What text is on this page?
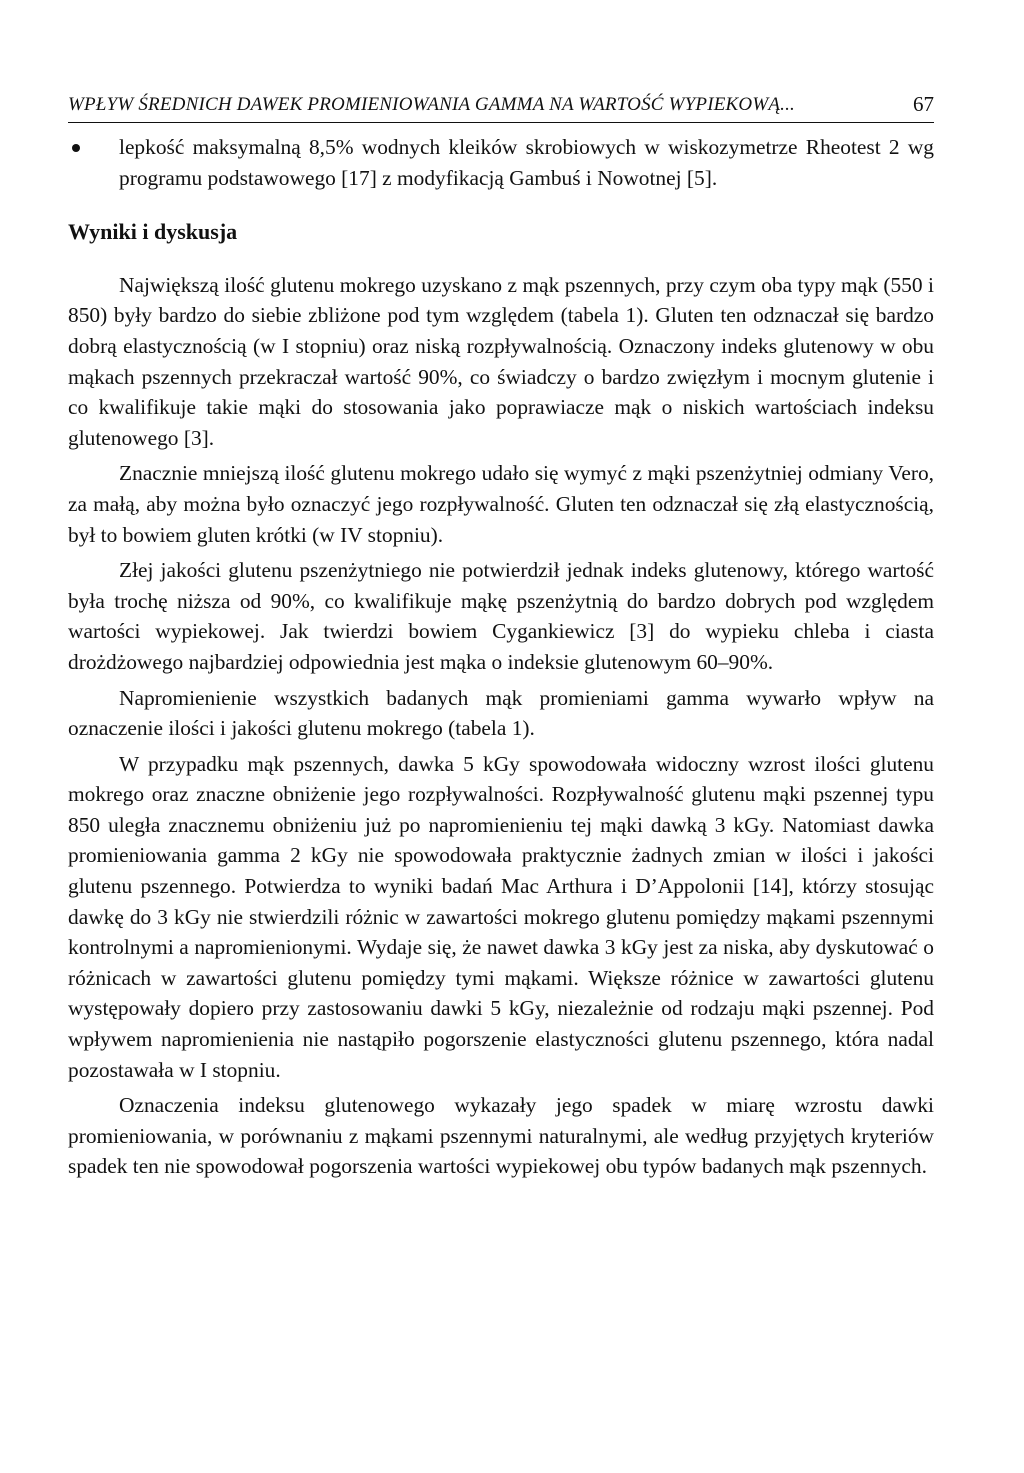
WPŁYW ŚREDNICH DAWEK PROMIENIOWANIA GAMMA NA WARTOŚĆ WYPIEKOWĄ...	67

lepkość maksymalną 8,5% wodnych kleików skrobiowych w wiskozymetrze Rheotest 2 wg programu podstawowego [17] z modyfikacją Gambuś i Nowotnej [5].

Wyniki i dyskusja

Największą ilość glutenu mokrego uzyskano z mąk pszennych, przy czym oba typy mąk (550 i 850) były bardzo do siebie zbliżone pod tym względem (tabela 1). Gluten ten odznaczał się bardzo dobrą elastycznością (w I stopniu) oraz niską rozpływalnością. Oznaczony indeks glutenowy w obu mąkach pszennych przekraczał wartość 90%, co świadczy o bardzo zwięzłym i mocnym glutenie i co kwalifikuje takie mąki do stosowania jako poprawiacze mąk o niskich wartościach indeksu glutenowego [3].

Znacznie mniejszą ilość glutenu mokrego udało się wymyć z mąki pszenżytniej odmiany Vero, za małą, aby można było oznaczyć jego rozpływalność. Gluten ten odznaczał się złą elastycznością, był to bowiem gluten krótki (w IV stopniu).

Złej jakości glutenu pszenżytniego nie potwierdził jednak indeks glutenowy, którego wartość była trochę niższa od 90%, co kwalifikuje mąkę pszenżytnią do bardzo dobrych pod względem wartości wypiekowej. Jak twierdzi bowiem Cygankiewicz [3] do wypieku chleba i ciasta drożdżowego najbardziej odpowiednia jest mąka o indeksie glutenowym 60–90%.

Napromienienie wszystkich badanych mąk promieniami gamma wywarło wpływ na oznaczenie ilości i jakości glutenu mokrego (tabela 1).

W przypadku mąk pszennych, dawka 5 kGy spowodowała widoczny wzrost ilości glutenu mokrego oraz znaczne obniżenie jego rozpływalności. Rozpływalność glutenu mąki pszennej typu 850 uległa znacznemu obniżeniu już po napromienieniu tej mąki dawką 3 kGy. Natomiast dawka promieniowania gamma 2 kGy nie spowodowała praktycznie żadnych zmian w ilości i jakości glutenu pszennego. Potwierdza to wyniki badań Mac Arthura i D’Appolonii [14], którzy stosując dawkę do 3 kGy nie stwierdzili różnic w zawartości mokrego glutenu pomiędzy mąkami pszennymi kontrolnymi a napromienionymi. Wydaje się, że nawet dawka 3 kGy jest za niska, aby dyskutować o różnicach w zawartości glutenu pomiędzy tymi mąkami. Większe różnice w zawartości glutenu występowały dopiero przy zastosowaniu dawki 5 kGy, niezależnie od rodzaju mąki pszennej. Pod wpływem napromienienia nie nastąpiło pogorszenie elastyczności glutenu pszennego, która nadal pozostawała w I stopniu.

Oznaczenia indeksu glutenowego wykazały jego spadek w miarę wzrostu dawki promieniowania, w porównaniu z mąkami pszennymi naturalnymi, ale według przyjętych kryteriów spadek ten nie spowodował pogorszenia wartości wypiekowej obu typów badanych mąk pszennych.
